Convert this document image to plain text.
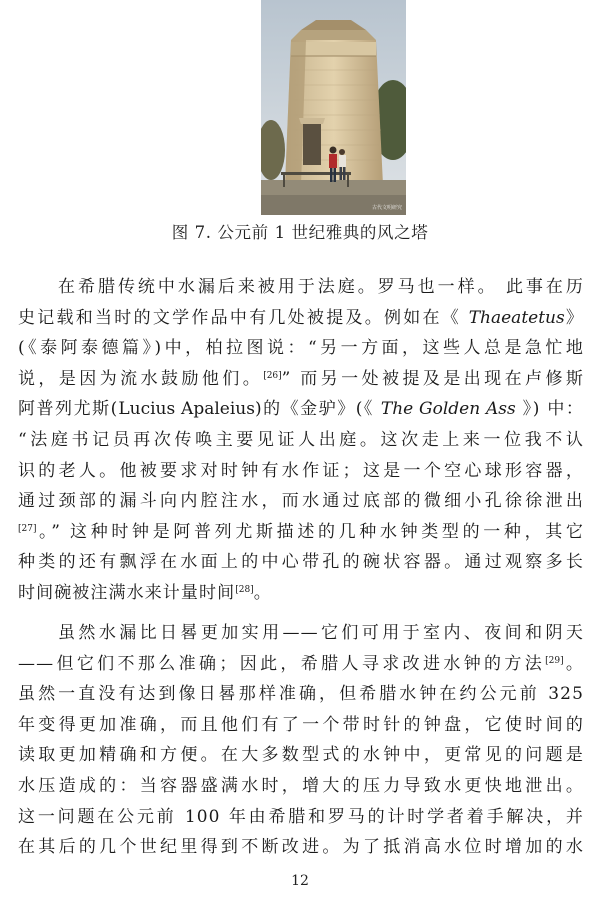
古代文明研究
图 7. 公元前 1 世纪雅典的风之塔
在希腊传统中水漏后来被用于法庭。罗马也一样。 此事在历
史记载和当时的文学作品中有几处被提及。例如在《 Thaeatetus》
(《泰阿泰德篇》)中，柏拉图说：“另一方面，这些人总是急忙地
说，是因为流水鼓励他们。[26]” 而另一处被提及是出现在卢修斯
阿普列尤斯(Lucius Apaleius)的《金驴》(《 The Golden Ass 》) 中：
“法庭书记员再次传唤主要见证人出庭。这次走上来一位我不认
识的老人。他被要求对时钟有水作证；这是一个空心球形容器，
通过颈部的漏斗向内腔注水，而水通过底部的微细小孔徐徐泄出
[27]。” 这种时钟是阿普列尤斯描述的几种水钟类型的一种，其它
种类的还有飘浮在水面上的中心带孔的碗状容器。通过观察多长
时间碗被注满水来计量时间[28]。
虽然水漏比日晷更加实用——它们可用于室内、夜间和阴天
——但它们不那么准确；因此，希腊人寻求改进水钟的方法[29]。
虽然一直没有达到像日晷那样准确，但希腊水钟在约公元前 325
年变得更加准确，而且他们有了一个带时针的钟盘，它使时间的
读取更加精确和方便。在大多数型式的水钟中，更常见的问题是
水压造成的：当容器盛满水时，增大的压力导致水更快地泄出。
这一问题在公元前 100 年由希腊和罗马的计时学者着手解决，并
在其后的几个世纪里得到不断改进。为了抵消高水位时增加的水
12
